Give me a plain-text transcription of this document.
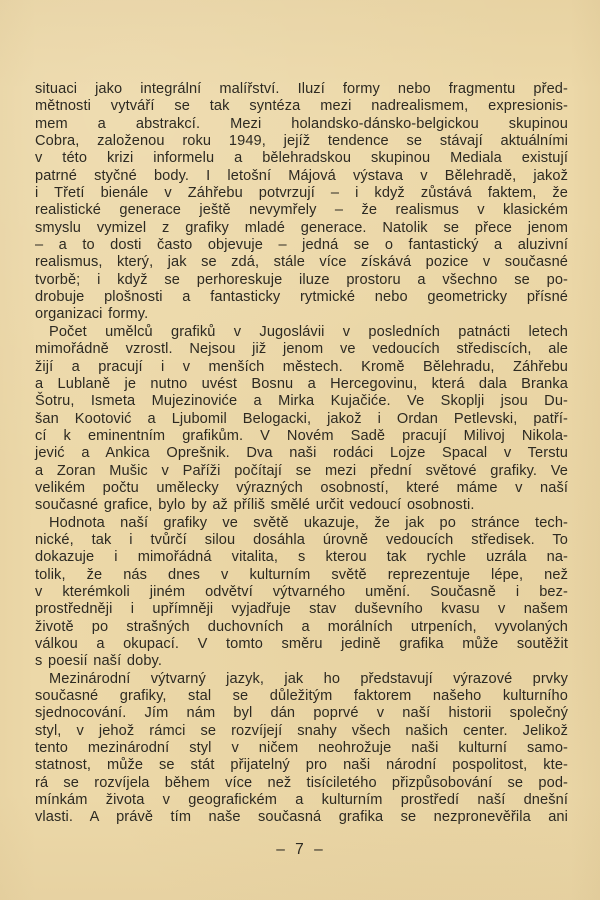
situaci jako integrální malířství. Iluzí formy nebo fragmentu před-
mětnosti vytváří se tak syntéza mezi nadrealismem, expresionis-
mem a abstrakcí. Mezi holandsko-dánsko-belgickou skupinou
Cobra, založenou roku 1949, jejíž tendence se stávají aktuálními
v této krizi informelu a bělehradskou skupinou Mediala existují
patrné styčné body. I letošní Májová výstava v Bělehradě, jakož
i Třetí bienále v Záhřebu potvrzují – i když zůstává faktem, že
realistické generace ještě nevymřely – že realismus v klasickém
smyslu vymizel z grafiky mladé generace. Natolik se přece jenom
– a to dosti často objevuje – jedná se o fantastický a aluzivní
realismus, který, jak se zdá, stále více získává pozice v současné
tvorbě; i když se perhoreskuje iluze prostoru a všechno se po-
drobuje plošnosti a fantasticky rytmické nebo geometricky přísné
organizaci formy.
Počet umělců grafiků v Jugoslávii v posledních patnácti letech
mimořádně vzrostl. Nejsou již jenom ve vedoucích střediscích, ale
žijí a pracují i v menších městech. Kromě Bělehradu, Záhřebu
a Lublaně je nutno uvést Bosnu a Hercegovinu, která dala Branka
Šotru, Ismeta Mujezinoviće a Mirka Kujačiće. Ve Skoplji jsou Du-
šan Kootović a Ljubomil Belogacki, jakož i Ordan Petlevski, patří-
cí k eminentním grafikům. V Novém Sadě pracují Milivoj Nikola-
jević a Ankica Oprešnik. Dva naši rodáci Lojze Spacal v Terstu
a Zoran Mušic v Paříži počítají se mezi přední světové grafiky. Ve
velikém počtu umělecky výrazných osobností, které máme v naší
současné grafice, bylo by až příliš smělé určit vedoucí osobnosti.
Hodnota naší grafiky ve světě ukazuje, že jak po stránce tech-
nické, tak i tvůrčí silou dosáhla úrovně vedoucích středisek. To
dokazuje i mimořádná vitalita, s kterou tak rychle uzrála na-
tolik, že nás dnes v kulturním světě reprezentuje lépe, než
v kterémkoli jiném odvětví výtvarného umění. Současně i bez-
prostředněji i upřímněji vyjadřuje stav duševního kvasu v našem
životě po strašných duchovních a morálních utrpeních, vyvolaných
válkou a okupací. V tomto směru jedině grafika může soutěžit
s poesií naší doby.
Mezinárodní výtvarný jazyk, jak ho představují výrazové prvky
současné grafiky, stal se důležitým faktorem našeho kulturního
sjednocování. Jím nám byl dán poprvé v naší historii společný
styl, v jehož rámci se rozvíjejí snahy všech našich center. Jelikož
tento mezinárodní styl v ničem neohrožuje naši kulturní samo-
statnost, může se stát přijatelný pro naši národní pospolitost, kte-
rá se rozvíjela během více než tisíciletého přizpůsobování se pod-
mínkám života v geografickém a kulturním prostředí naší dnešní
vlasti. A právě tím naše současná grafika se nezpronevěřila ani
– 7 –
